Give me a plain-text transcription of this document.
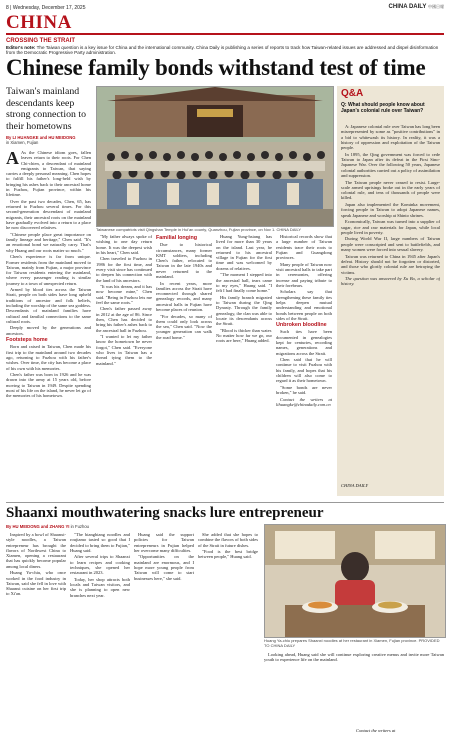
8 | Wednesday, December 17, 2025	CHINA DAILY 中國日報
CHINA
CROSSING THE STRAIT
Editor's note: The Taiwan question is a key issue for China and the international community. China Daily is publishing a series of reports to track how Taiwan-related issues are addressed and dispel disinformation from the Democratic Progressive Party administration.
Chinese family bonds withstand test of time
Taiwan's mainland descendants keep strong connection to their hometowns
By LI HUANGKE and HU MEIDONG
in Xiamen, Fujian

A As the Chinese idiom goes, fallen leaves return to their roots. For Chen Chi-chien, a descendant of mainland emigrants to Taiwan, that saying carries a deeply personal meaning. Chen hopes to fulfill his father's long-held wish by bringing his ashes back to their ancestral home in Fuzhou, Fujian province, within his lifetime.

Over the past two decades, Chen, 65, has returned to Fuzhou several times. For this second-generation descendant of mainland migrants, their ancestral roots on the mainland have gradually evolved into a return to a place he now discovered relatives.

"Chinese people place great importance on family lineage and heritage," Chen said. "It's an emotional bond we naturally carry. That's why Huang and our roots matter so much."

Chen's experience is far from unique. Former residents from the mainland moved to Taiwan, mainly from Fujian, a major province for Taiwan residents entering the mainland, where every passenger reading is similar journey to a town of unexpected return.

Armed by blood ties across the Taiwan Strait, people on both sides have long upheld traditions of ancestor and folk beliefs, including the worship of the same sea goddess. Descendants of mainland families have cultural and familial connections to the same cultural roots.

Deeply moved by the generations and ancestors.

Footsteps home

Born and raised in Taiwan, Chen made his first trip to the mainland around two decades ago, returning to Fuzhou with his father's wishes. Over time, the city has become a place of his own with his memories.

Chen's father was born in 1926 and he was drawn into the army at 15 years old, before moving to Taiwan in 1949. Despite spending most of his life on the island, he never let go of the memories of his hometown.

Taiwanese compatriots visit Qingshan Temple in Hui'an county, Quanzhou, Fujian province, on Nov 1. CHINA DAILY

"My father always spoke of wishing to one day return home. It was the deepest wish in his heart," Chen said.

Chen traveled to Fuzhou in 1986 for the first time, and every visit since has continued to deepen his connection with the land of his ancestors.

"It was his dream, and it has now become mine," Chen said. "Being in Fuzhou lets me feel the same roots."

Chen's father passed away in 2012 at the age of 86. Since then, Chen has decided to bring his father's ashes back to the ancestral hall in Fuzhou.

"I wanted to let my father know the hometown he never forgot," Chen said. "Everyone who lives in Taiwan has a thread tying them to the mainland."

Familial longing

Due to historical circumstances, many former KMT soldiers, including Chen's father, relocated to Taiwan in the late 1940s and never returned to the mainland.

In recent years, more families across the Strait have reconnected through shared genealogy records, and many ancestral halls in Fujian have become places of reunion.

"For decades, so many of them could only look across the sea," Chen said. "Now the younger generation can walk the road home."

Huang Yung-hsiang has lived for more than 30 years on the island. Last year, he returned to his ancestral village in Fujian for the first time and was welcomed by dozens of relatives.

"The moment I stepped into the ancestral hall, tears came to my eyes," Huang said. "I felt I had finally come home."

His family branch migrated to Taiwan during the Qing Dynasty. Through the family genealogy, the clan was able to locate its descendants across the Strait.

"Blood is thicker than water. No matter how far we go, our roots are here," Huang added.

Historical records show that a large number of Taiwan residents trace their roots to Fujian and Guangdong provinces.

Many people of Taiwan now visit ancestral halls to take part in ceremonies, offering incense and paying tribute to their forebears.

Scholars say that strengthening these family ties helps deepen mutual understanding and emotional bonds between people on both sides of the Strait.

Unbroken bloodline

Such ties have been documented in genealogies kept for centuries, recording names, generations and migrations across the Strait.

Chen said that he will continue to visit Fuzhou with his family, and hopes that his children will also come to regard it as their hometown.

"Some bonds are never broken," he said.

Contact the writers at lihuangke@chinadaily.com.cn

Q&A
Q: What should people know about Japan's colonial rule over Taiwan?

A: Japanese colonial rule over Taiwan has long been misrepresented by some as "positive contributions" in a bid to whitewash its history. In reality, it was a history of oppression and exploitation of the Taiwan people.

In 1895, the Qing government was forced to cede Taiwan to Japan after its defeat in the First Sino-Japanese War. Over the following 50 years, Japanese colonial authorities carried out a policy of assimilation and suppression.

The Taiwan people never ceased to resist. Large-scale armed uprisings broke out in the early years of colonial rule, and tens of thousands of people were killed.

Japan also implemented the Kominka movement, forcing people in Taiwan to adopt Japanese names, speak Japanese and worship at Shinto shrines.

Economically, Taiwan was turned into a supplier of sugar, rice and raw materials for Japan, while local people lived in poverty.

During World War II, large numbers of Taiwan people were conscripted and sent to battlefields, and many women were forced into sexual slavery.

Taiwan was returned to China in 1945 after Japan's defeat. History should not be forgotten or distorted, and those who glorify colonial rule are betraying the victims.

The question was answered by Xu Bo, a scholar of history.

CHINA DAILY
Shaanxi mouthwatering snacks lure entrepreneur
By HU MEIDONG and ZHANG YI in Fuzhou

Inspired by a bowl of Shaanxi-style noodles, a Taiwan entrepreneur has brought the flavors of Northwest China to Xiamen, opening a restaurant that has quickly become popular among local diners.

Huang Ya-chiu, who once worked in the food industry in Taiwan, said she fell in love with Shaanxi cuisine on her first trip to Xi'an.

"The biangbiang noodles and roujiamo tasted so good that I decided to bring them to Fujian," Huang said.

After several trips to Shaanxi to learn recipes and cooking techniques, she opened her restaurant in 2023.

Today, her shop attracts both locals and Taiwan visitors, and she is planning to open new branches next year.

Huang said the support policies for Taiwan entrepreneurs in Fujian helped her overcome many difficulties.

"Opportunities on the mainland are enormous, and I hope more young people from Taiwan will come to start businesses here," she said.

She added that she hopes to combine the flavors of both sides of the Strait in future dishes.

"Food is the best bridge between people," Huang said.

Huang Ya-chiu prepares Shaanxi noodles at her restaurant in Xiamen, Fujian province. PROVIDED TO CHINA DAILY

Looking ahead, Huang said she will continue exploring creative menus and invite more Taiwan youth to experience life on the mainland.

Contact the writers at
